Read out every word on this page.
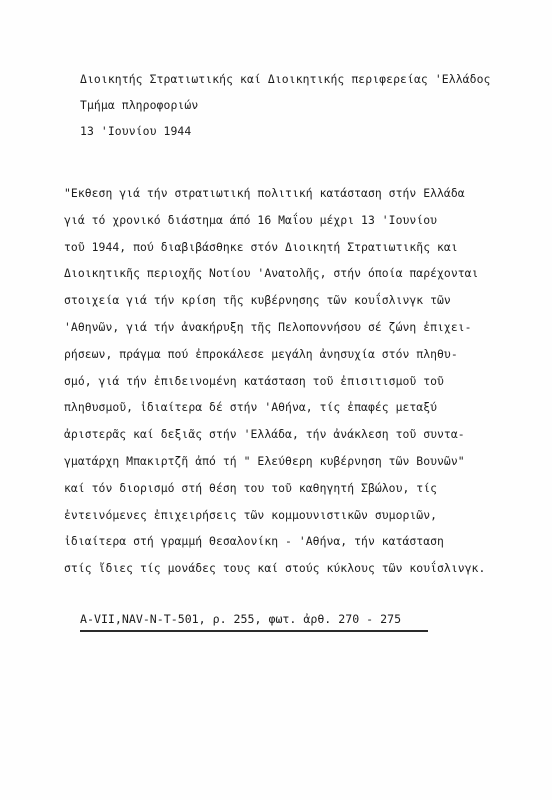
Διοικητής Στρατιωτικής καί Διοικητικής περιφερείας 'Ελλάδος
Τμήμα πληροφοριών
13 'Ιουνίου 1944
"Εκθεση γιά τήν στρατιωτική πολιτική κατάσταση στήν Ελλάδα
γιά τό χρονικό διάστημα άπό 16 Μαΐου μέχρι 13 'Ιουνίου
τοῦ 1944, πού διαβιβάσθηκε στόν Διοικητή Στρατιωτικῆς και
Διοικητικῆς περιοχῆς Νοτίου 'Ανατολῆς, στήν όποία παρέχονται
στοιχεία γιά τήν κρίση τῆς κυβέρνησης τῶν κουΐσλινγκ τῶν
'Αθηνῶν, γιά τήν ἀνακήρυξη τῆς Πελοποννήσου σέ ζώνη ἐπιχει-
ρήσεων, πράγμα πού ἐπροκάλεσε μεγάλη ἀνησυχία στόν πληθυ-
σμό, γιά τήν ἐπιδεινομένη κατάσταση τοῦ ἐπισιτισμοῦ τοῦ
πληθυσμοῦ, ἰδιαίτερα δέ στήν 'Αθήνα, τίς ἐπαφές μεταξύ
ἀριστερᾶς καί δεξιᾶς στήν 'Ελλάδα, τήν ἀνάκλεση τοῦ συντα-
γματάρχη Μπακιρτζῆ ἀπό τή " Ελεύθερη κυβέρνηση τῶν Βουνῶν"
καί τόν διορισμό στή θέση του τοῦ καθηγητή Σβώλου, τίς
ἐντεινόμενες ἐπιχειρήσεις τῶν κομμουνιστικῶν συμοριῶν,
ἰδιαίτερα στή γραμμή Θεσαλονίκη - 'Αθήνα, τήν κατάσταση
στίς ἴδιες τίς μονάδες τους καί στούς κύκλους τῶν κουΐσλινγκ.
A-VII,NAV-N-T-501, ρ. 255, φωτ. ἀρθ. 270 - 275
